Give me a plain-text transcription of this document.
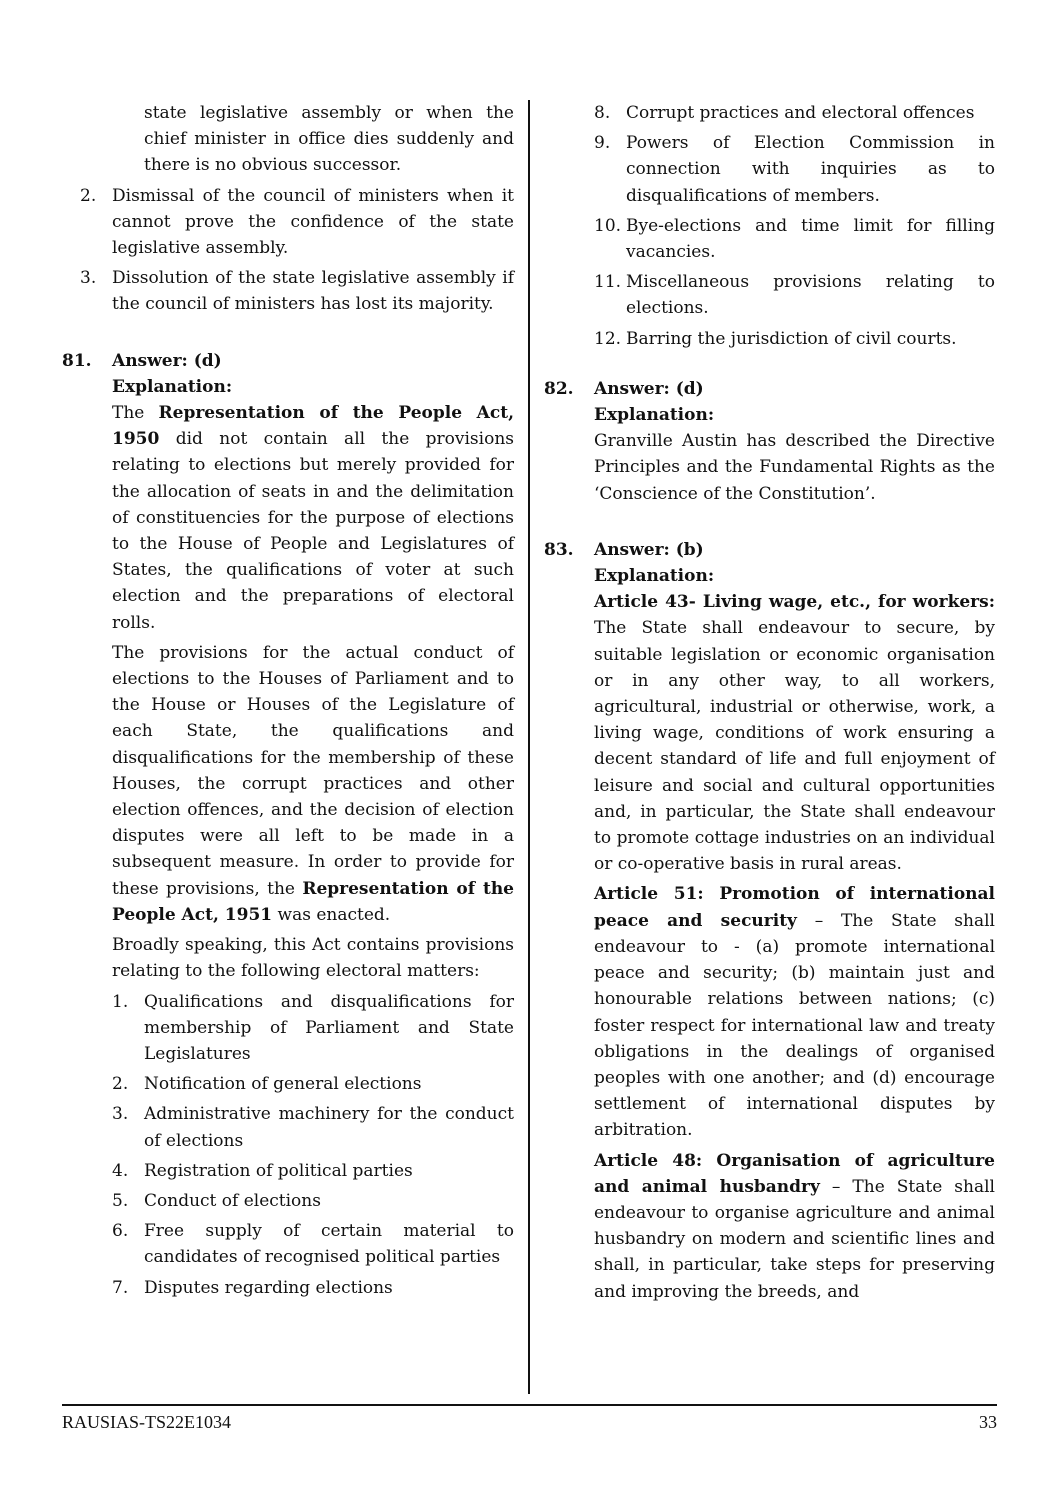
state legislative assembly or when the chief minister in office dies suddenly and there is no obvious successor.

2. Dismissal of the council of ministers when it cannot prove the confidence of the state legislative assembly.
3. Dissolution of the state legislative assembly if the council of ministers has lost its majority.
81. Answer: (d)
Explanation:

The Representation of the People Act, 1950 did not contain all the provisions relating to elections but merely provided for the allocation of seats in and the delimitation of constituencies for the purpose of elections to the House of People and Legislatures of States, the qualifications of voter at such election and the preparations of electoral rolls.

The provisions for the actual conduct of elections to the Houses of Parliament and to the House or Houses of the Legislature of each State, the qualifications and disqualifications for the membership of these Houses, the corrupt practices and other election offences, and the decision of election disputes were all left to be made in a subsequent measure. In order to provide for these provisions, the Representation of the People Act, 1951 was enacted.

Broadly speaking, this Act contains provisions relating to the following electoral matters:

1. Qualifications and disqualifications for membership of Parliament and State Legislatures
2. Notification of general elections
3. Administrative machinery for the conduct of elections
4. Registration of political parties
5. Conduct of elections
6. Free supply of certain material to candidates of recognised political parties
7. Disputes regarding elections
8. Corrupt practices and electoral offences
9. Powers of Election Commission in connection with inquiries as to disqualifications of members.
10. Bye-elections and time limit for filling vacancies.
11. Miscellaneous provisions relating to elections.
12. Barring the jurisdiction of civil courts.
82. Answer: (d)
Explanation:

Granville Austin has described the Directive Principles and the Fundamental Rights as the ‘Conscience of the Constitution’.

83. Answer: (b)
Explanation:

Article 43- Living wage, etc., for workers: The State shall endeavour to secure, by suitable legislation or economic organisation or in any other way, to all workers, agricultural, industrial or otherwise, work, a living wage, conditions of work ensuring a decent standard of life and full enjoyment of leisure and social and cultural opportunities and, in particular, the State shall endeavour to promote cottage industries on an individual or co-operative basis in rural areas.

Article 51: Promotion of international peace and security – The State shall endeavour to - (a) promote international peace and security; (b) maintain just and honourable relations between nations; (c) foster respect for international law and treaty obligations in the dealings of organised peoples with one another; and (d) encourage settlement of international disputes by arbitration.

Article 48: Organisation of agriculture and animal husbandry – The State shall endeavour to organise agriculture and animal husbandry on modern and scientific lines and shall, in particular, take steps for preserving and improving the breeds, and

RAUSIAS-TS22E1034	33
